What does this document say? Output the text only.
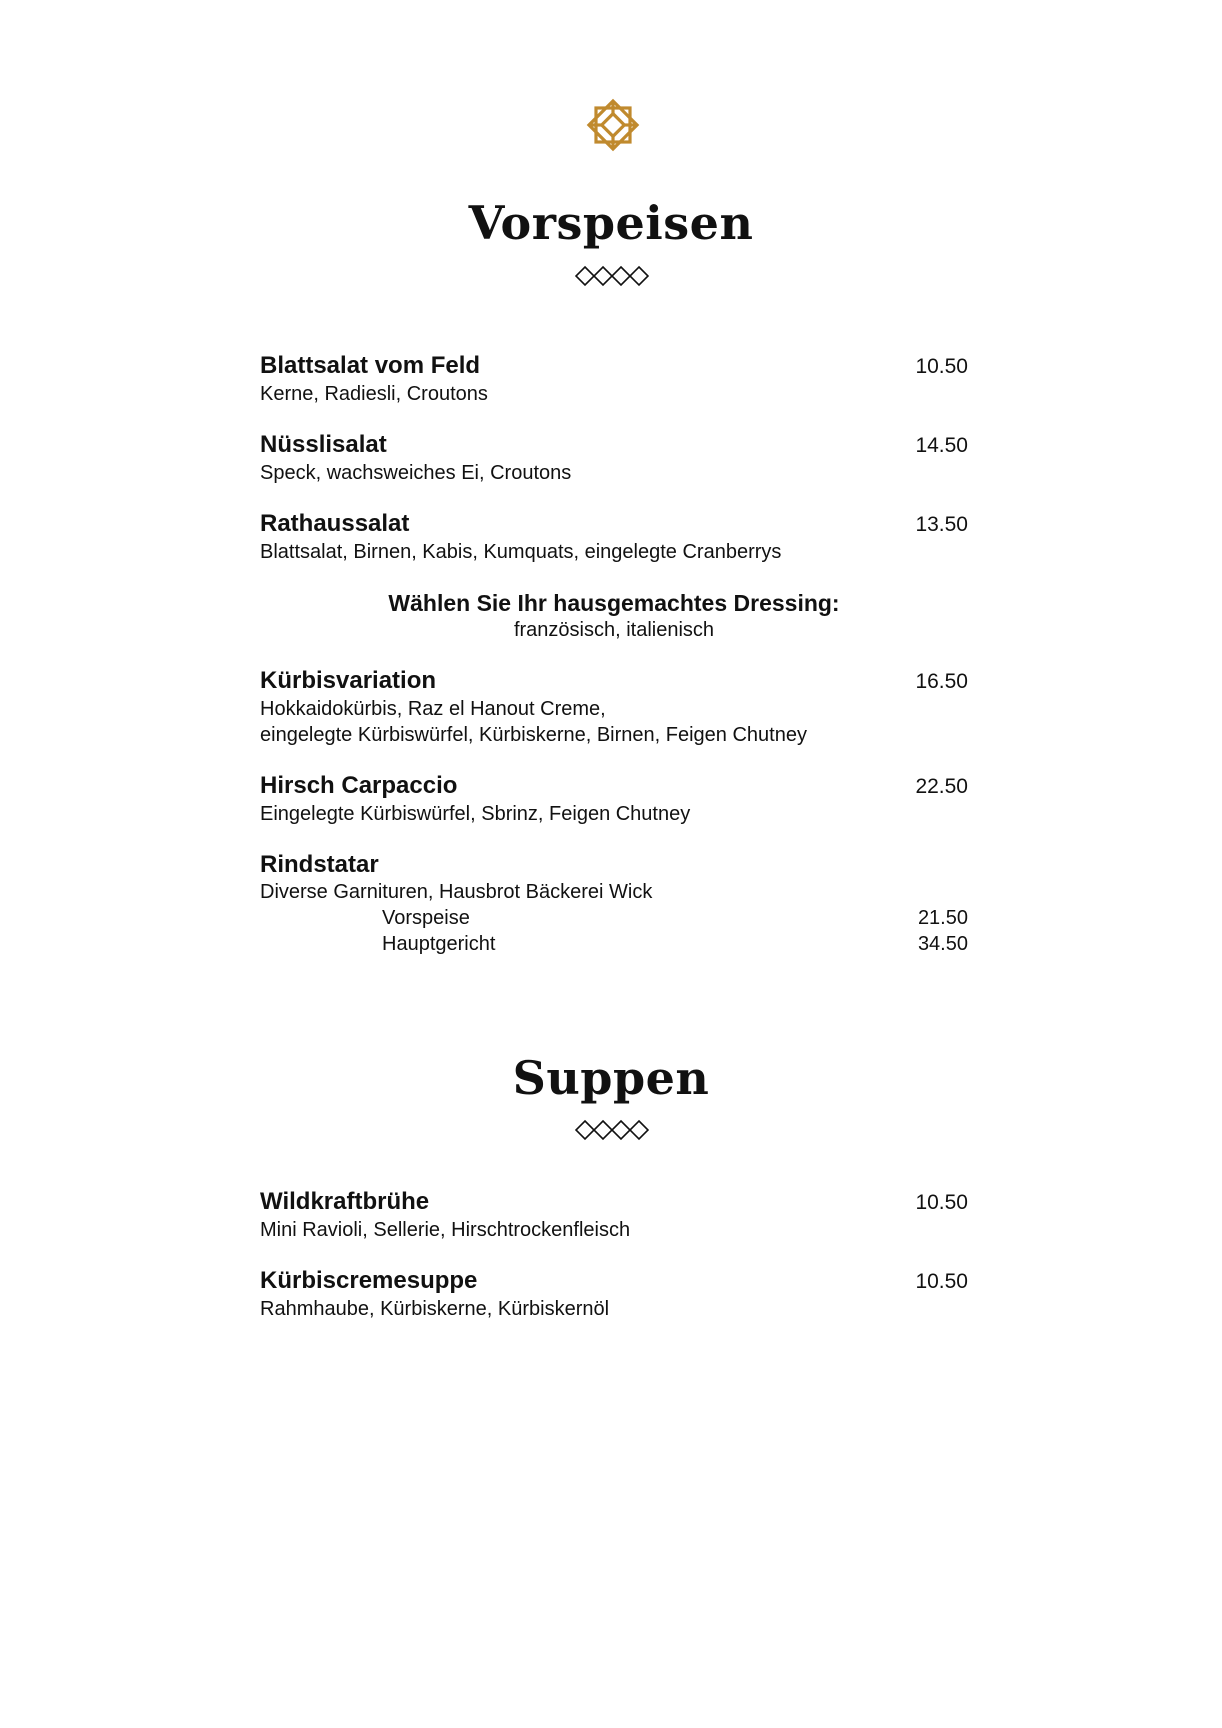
Vorspeisen
Blattsalat vom Feld	10.50
Kerne, Radiesli, Croutons
Nüsslisalat	14.50
Speck, wachsweiches Ei, Croutons
Rathaussalat	13.50
Blattsalat, Birnen, Kabis, Kumquats, eingelegte Cranberrys
Wählen Sie Ihr hausgemachtes Dressing:
französisch, italienisch
Kürbisvariation	16.50
Hokkaidokürbis, Raz el Hanout Creme,
eingelegte Kürbiswürfel, Kürbiskerne, Birnen, Feigen Chutney
Hirsch Carpaccio	22.50
Eingelegte Kürbiswürfel, Sbrinz, Feigen Chutney
Rindstatar
Diverse Garnituren, Hausbrot Bäckerei Wick
Vorspeise	21.50
Hauptgericht	34.50
Suppen
Wildkraftbrühe	10.50
Mini Ravioli, Sellerie, Hirschtrockenfleisch
Kürbiscremesuppe	10.50
Rahmhaube, Kürbiskerne, Kürbiskernöl
